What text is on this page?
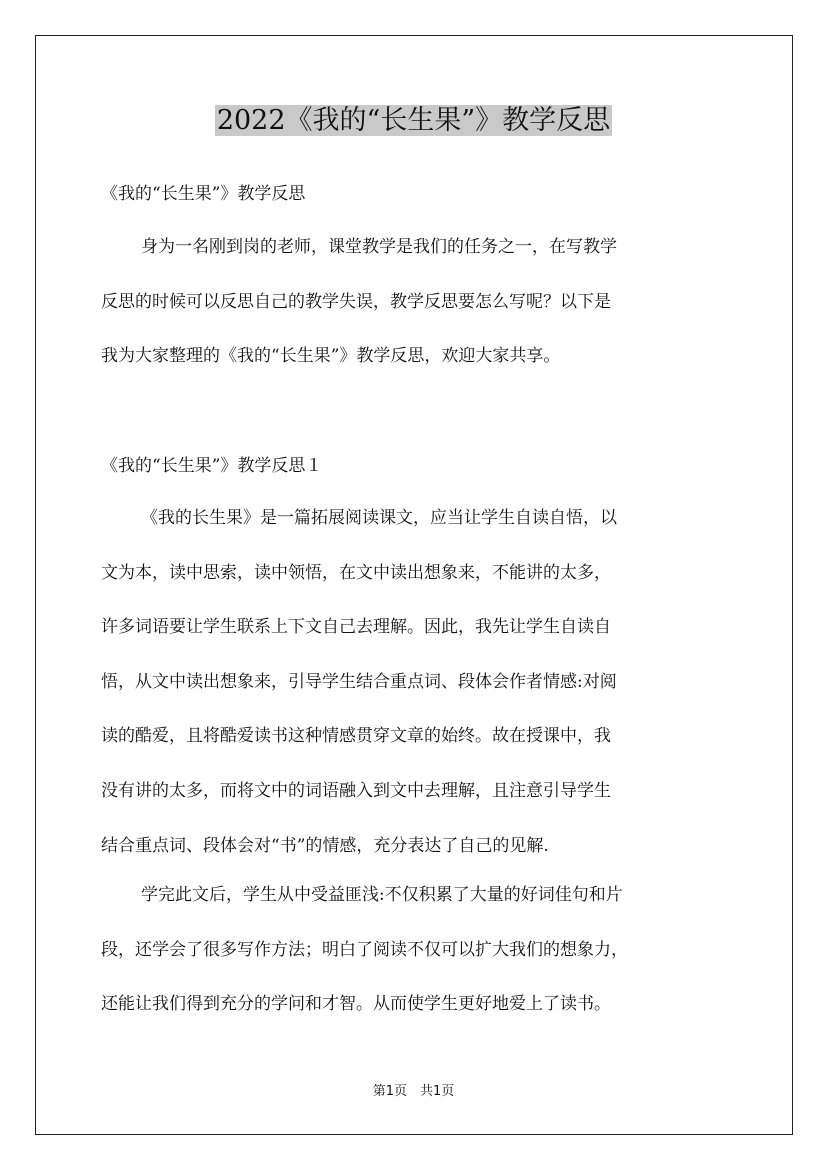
2022《我的“长生果”》教学反思

《我的“长生果”》教学反思

身为一名刚到岗的老师，课堂教学是我们的任务之一，在写教学
反思的时候可以反思自己的教学失误，教学反思要怎么写呢？以下是
我为大家整理的《我的“长生果”》教学反思，欢迎大家共享。

《我的“长生果”》教学反思１

《我的长生果》是一篇拓展阅读课文，应当让学生自读自悟，以
文为本，读中思索，读中领悟，在文中读出想象来，不能讲的太多，
许多词语要让学生联系上下文自己去理解。因此，我先让学生自读自
悟，从文中读出想象来，引导学生结合重点词、段体会作者情感:对阅
读的酷爱，且将酷爱读书这种情感贯穿文章的始终。故在授课中，我
没有讲的太多，而将文中的词语融入到文中去理解，且注意引导学生
结合重点词、段体会对“书”的情感，充分表达了自己的见解.
学完此文后，学生从中受益匪浅:不仅积累了大量的好词佳句和片
段，还学会了很多写作方法；明白了阅读不仅可以扩大我们的想象力，
还能让我们得到充分的学问和才智。从而使学生更好地爱上了读书。
第1页　共1页
